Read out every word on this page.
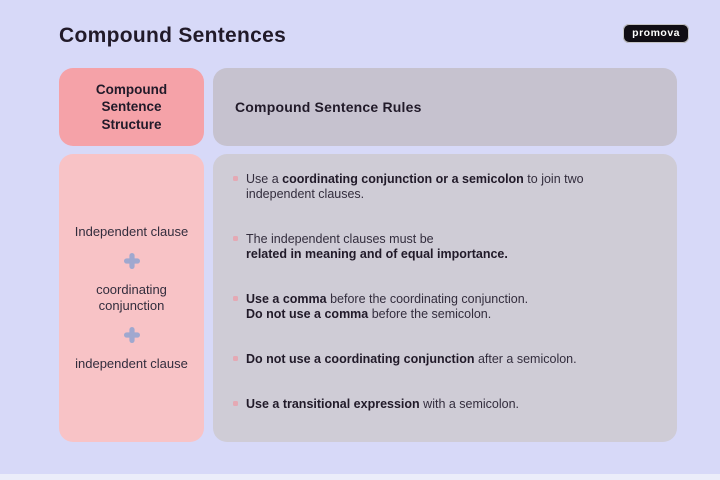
Compound Sentences	promova
Compound Sentence Structure
Independent clause
coordinating conjunction
independent clause
Compound Sentence Rules
Use a coordinating conjunction or a semicolon to join two
independent clauses.
The independent clauses must be
related in meaning and of equal importance.
Use a comma before the coordinating conjunction.
Do not use a comma before the semicolon.
Do not use a coordinating conjunction after a semicolon.
Use a transitional expression with a semicolon.
